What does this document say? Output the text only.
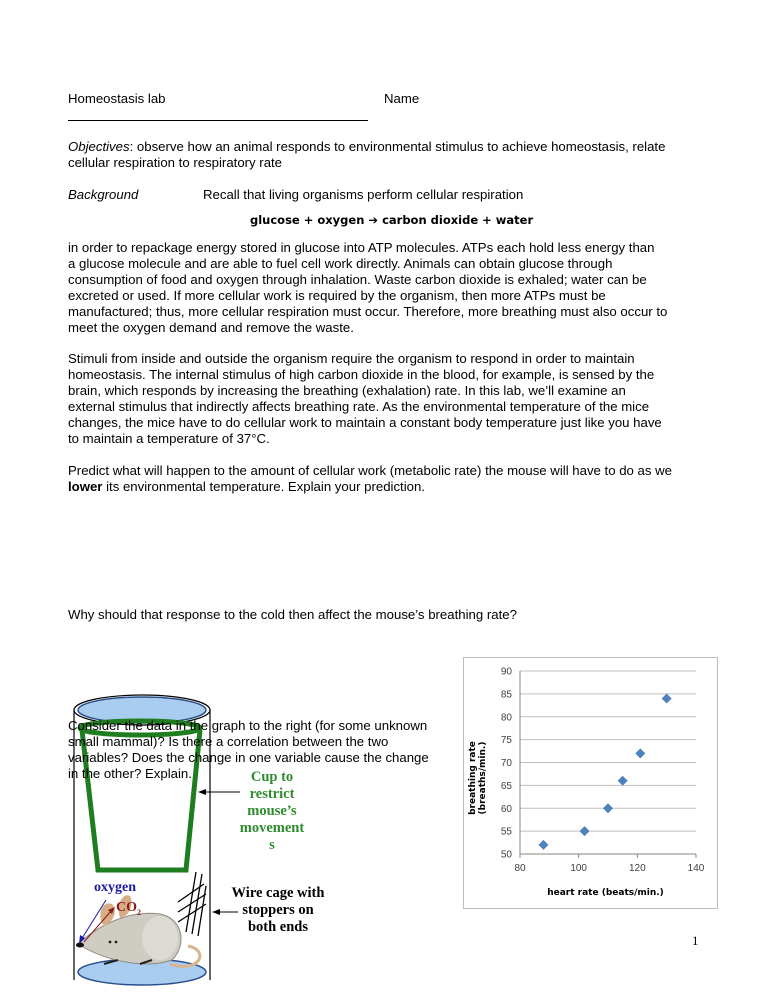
Homeostasis lab	Name
Objectives: observe how an animal responds to environmental stimulus to achieve homeostasis, relate
cellular respiration to respiratory rate
Background	Recall that living organisms perform cellular respiration
glucose + oxygen ➔ carbon dioxide + water
in order to repackage energy stored in glucose into ATP molecules. ATPs each hold less energy than
a glucose molecule and are able to fuel cell work directly. Animals can obtain glucose through
consumption of food and oxygen through inhalation. Waste carbon dioxide is exhaled; water can be
excreted or used. If more cellular work is required by the organism, then more ATPs must be
manufactured; thus, more cellular respiration must occur. Therefore, more breathing must also occur to
meet the oxygen demand and remove the waste.
Stimuli from inside and outside the organism require the organism to respond in order to maintain
homeostasis. The internal stimulus of high carbon dioxide in the blood, for example, is sensed by the
brain, which responds by increasing the breathing (exhalation) rate. In this lab, we’ll examine an
external stimulus that indirectly affects breathing rate. As the environmental temperature of the mice
changes, the mice have to do cellular work to maintain a constant body temperature just like you have
to maintain a temperature of 37°C.
Predict what will happen to the amount of cellular work (metabolic rate) the mouse will have to do as we
lower its environmental temperature. Explain your prediction.
Why should that response to the cold then affect the mouse’s breathing rate?
oxygen
$CO_2$
Cup to
restrict
mouse’s
movement
s
Wire cage with
stoppers on
both ends
Consider the data in the graph to the right (for some unknown
small mammal)? Is there a correlation between the two
variables? Does the change in one variable cause the change
in the other? Explain.
50
55
60
65
70
75
80
85
90
80	100	120	140
heart rate (beats/min.)
breathing rate (breaths/min.)
1
